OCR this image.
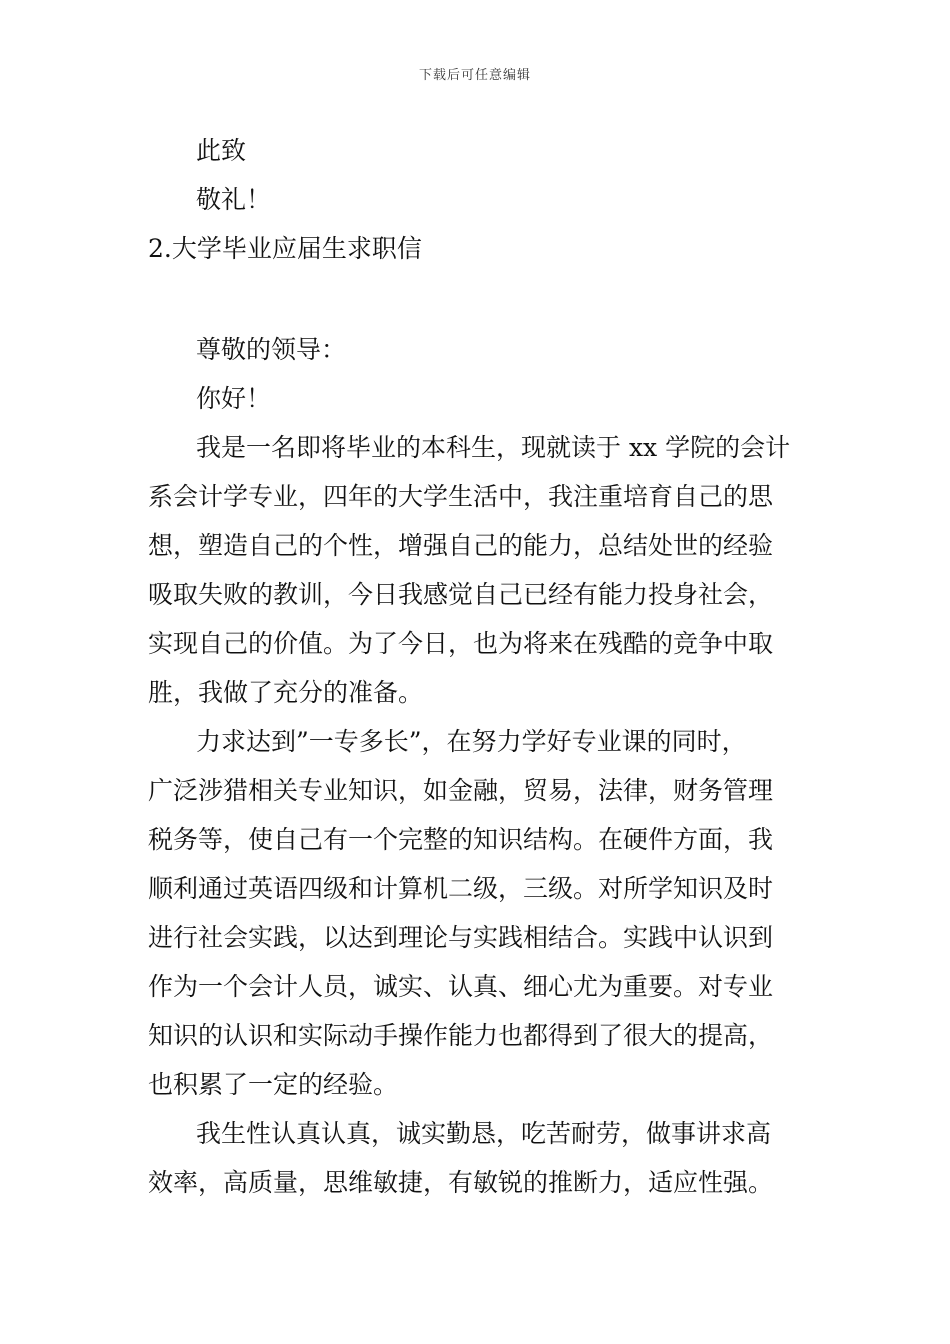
下载后可任意编辑
此致
敬礼！
2.大学毕业应届生求职信
尊敬的领导：
你好！
我是一名即将毕业的本科生，现就读于 xx 学院的会计
系会计学专业，四年的大学生活中，我注重培育自己的思
想，塑造自己的个性，增强自己的能力，总结处世的经验
吸取失败的教训，今日我感觉自己已经有能力投身社会，
实现自己的价值。为了今日，也为将来在残酷的竞争中取
胜，我做了充分的准备。
力求达到”一专多长”，在努力学好专业课的同时，
广泛涉猎相关专业知识，如金融，贸易，法律，财务管理
税务等，使自己有一个完整的知识结构。在硬件方面，我
顺利通过英语四级和计算机二级，三级。对所学知识及时
进行社会实践，以达到理论与实践相结合。实践中认识到
作为一个会计人员，诚实、认真、细心尤为重要。对专业
知识的认识和实际动手操作能力也都得到了很大的提高，
也积累了一定的经验。
我生性认真认真，诚实勤恳，吃苦耐劳，做事讲求高
效率，高质量，思维敏捷，有敏锐的推断力，适应性强。
